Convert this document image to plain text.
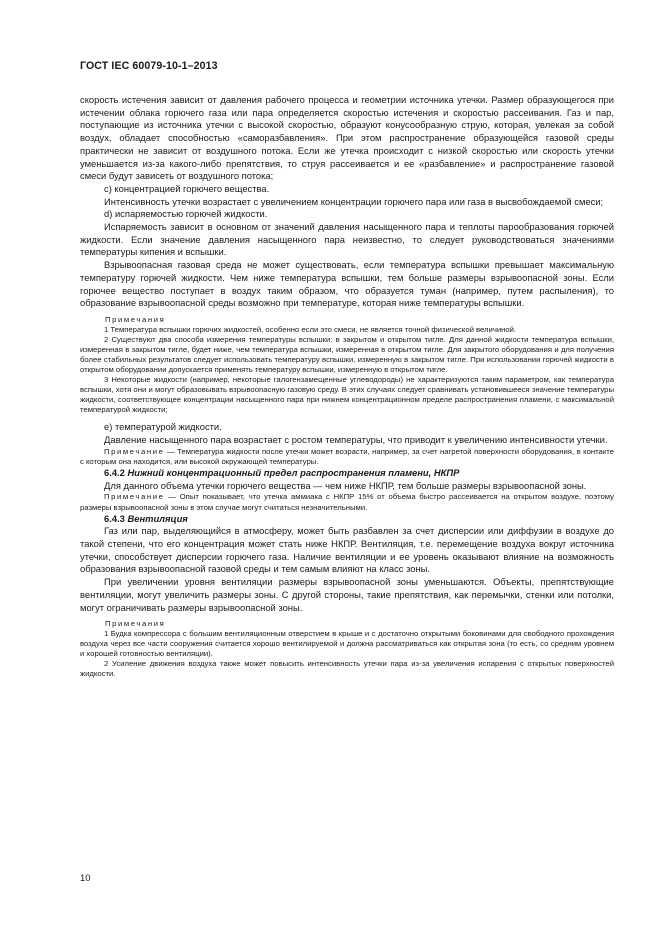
ГОСТ IEC 60079-10-1–2013

скорость истечения зависит от давления рабочего процесса и геометрии источника утечки. Размер образующегося при истечении облака горючего газа или пара определяется скоростью истечения и скоростью рассеивания. Газ и пар, поступающие из источника утечки с высокой скоростью, образуют конусообразную струю, которая, увлекая за собой воздух, обладает способностью «саморазбавления». При этом распространение образующейся газовой среды практически не зависит от воздушного потока. Если же утечка происходит с низкой скоростью или скорость утечки уменьшается из-за какого-либо препятствия, то струя рассеивается и ее «разбавление» и распространение газовой смеси будут зависеть от воздушного потока;

c) концентрацией горючего вещества.

Интенсивность утечки возрастает с увеличением концентрации горючего пара или газа в высвобождаемой смеси;

d) испаряемостью горючей жидкости.

Испаряемость зависит в основном от значений давления насыщенного пара и теплоты парообразования горючей жидкости. Если значение давления насыщенного пара неизвестно, то следует руководствоваться значениями температуры кипения и вспышки.

Взрывоопасная газовая среда не может существовать, если температура вспышки превышает максимальную температуру горючей жидкости. Чем ниже температура вспышки, тем больше размеры взрывоопасной зоны. Если горючее вещество поступает в воздух таким образом, что образуется туман (например, путем распыления), то образование взрывоопасной среды возможно при температуре, которая ниже температуры вспышки.

Примечания

1 Температура вспышки горючих жидкостей, особенно если это смеси, не является точной физической величиной.

2 Существуют два способа измерения температуры вспышки: в закрытом и открытом тигле. Для данной жидкости температура вспышки, измеренная в закрытом тигле, будет ниже, чем температура вспышки, измеренная в открытом тигле. Для закрытого оборудования и для получения более стабильных результатов следует использовать температуру вспышки, измеренную в закрытом тигле. При использовании горючей жидкости в открытом оборудовании допускается применять температуру вспышки, измеренную в открытом тигле.

3 Некоторые жидкости (например, некоторые галогензамещенные углеводороды) не характеризуются таким параметром, как температура вспышки, хотя они и могут образовывать взрывоопасную газовую среду. В этих случаях следует сравнивать установившееся значение температуры жидкости, соответствующее концентрации насыщенного пара при нижнем концентрационном пределе распространения пламени, с максимальной температурой жидкости;

e) температурой жидкости.

Давление насыщенного пара возрастает с ростом температуры, что приводит к увеличению интенсивности утечки.

Примечание — Температура жидкости после утечки может возрасти, например, за счет нагретой поверхности оборудования, в контакте с которым она находится, или высокой окружающей температуры.

6.4.2 Нижний концентрационный предел распространения пламени, НКПР

Для данного объема утечки горючего вещества — чем ниже НКПР, тем больше размеры взрывоопасной зоны.

Примечание — Опыт показывает, что утечка аммиака с НКПР 15% от объема быстро рассеивается на открытом воздухе, поэтому размеры взрывоопасной зоны в этом случае могут считаться незначительными.

6.4.3 Вентиляция

Газ или пар, выделяющийся в атмосферу, может быть разбавлен за счет дисперсии или диффузии в воздухе до такой степени, что его концентрация может стать ниже НКПР. Вентиляция, т.е. перемещение воздуха вокруг источника утечки, способствует дисперсии горючего газа. Наличие вентиляции и ее уровень оказывают влияние на возможность образования взрывоопасной газовой среды и тем самым влияют на класс зоны.

При увеличении уровня вентиляции размеры взрывоопасной зоны уменьшаются. Объекты, препятствующие вентиляции, могут увеличить размеры зоны. С другой стороны, такие препятствия, как перемычки, стенки или потолки, могут ограничивать размеры взрывоопасной зоны.

Примечания

1 Будка компрессора с большим вентиляционным отверстием в крыше и с достаточно открытыми боковинами для свободного прохождения воздуха через все части сооружения считается хорошо вентилируемой и должна рассматриваться как открытая зона (то есть, со средним уровнем и хорошей готовностью вентиляции).

2 Усиление движения воздуха также может повысить интенсивность утечки пара из-за увеличения испарения с открытых поверхностей жидкости.

10
